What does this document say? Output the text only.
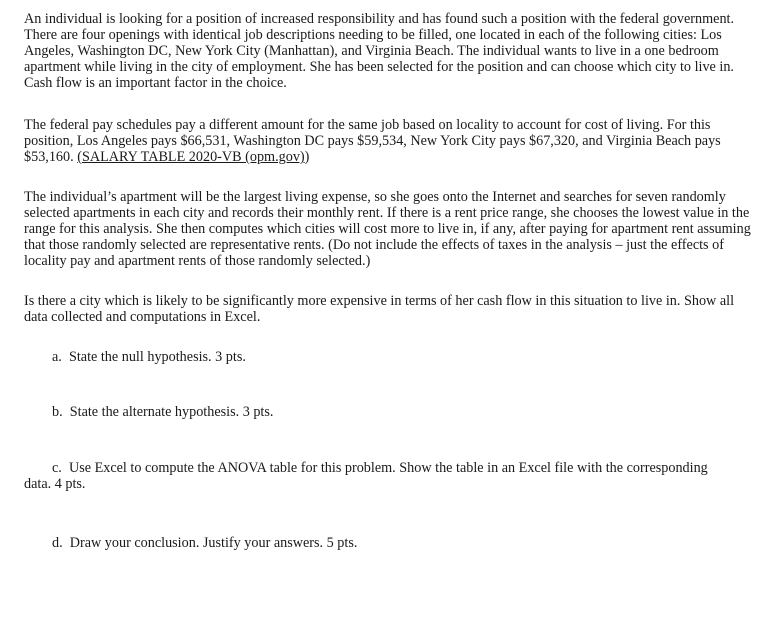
An individual is looking for a position of increased responsibility and has found such a position with the federal government. There are four openings with identical job descriptions needing to be filled, one located in each of the following cities: Los Angeles, Washington DC, New York City (Manhattan), and Virginia Beach. The individual wants to live in a one bedroom apartment while living in the city of employment. She has been selected for the position and can choose which city to live in. Cash flow is an important factor in the choice.

The federal pay schedules pay a different amount for the same job based on locality to account for cost of living. For this position, Los Angeles pays $66,531, Washington DC pays $59,534, New York City pays $67,320, and Virginia Beach pays $53,160. (SALARY TABLE 2020-VB (opm.gov))

The individual’s apartment will be the largest living expense, so she goes onto the Internet and searches for seven randomly selected apartments in each city and records their monthly rent. If there is a rent price range, she chooses the lowest value in the range for this analysis. She then computes which cities will cost more to live in, if any, after paying for apartment rent assuming that those randomly selected are representative rents. (Do not include the effects of taxes in the analysis – just the effects of locality pay and apartment rents of those randomly selected.)

Is there a city which is likely to be significantly more expensive in terms of her cash flow in this situation to live in. Show all data collected and computations in Excel.

a. State the null hypothesis. 3 pts.

b. State the alternate hypothesis. 3 pts.

c. Use Excel to compute the ANOVA table for this problem. Show the table in an Excel file with the corresponding data. 4 pts.

d. Draw your conclusion. Justify your answers. 5 pts.
